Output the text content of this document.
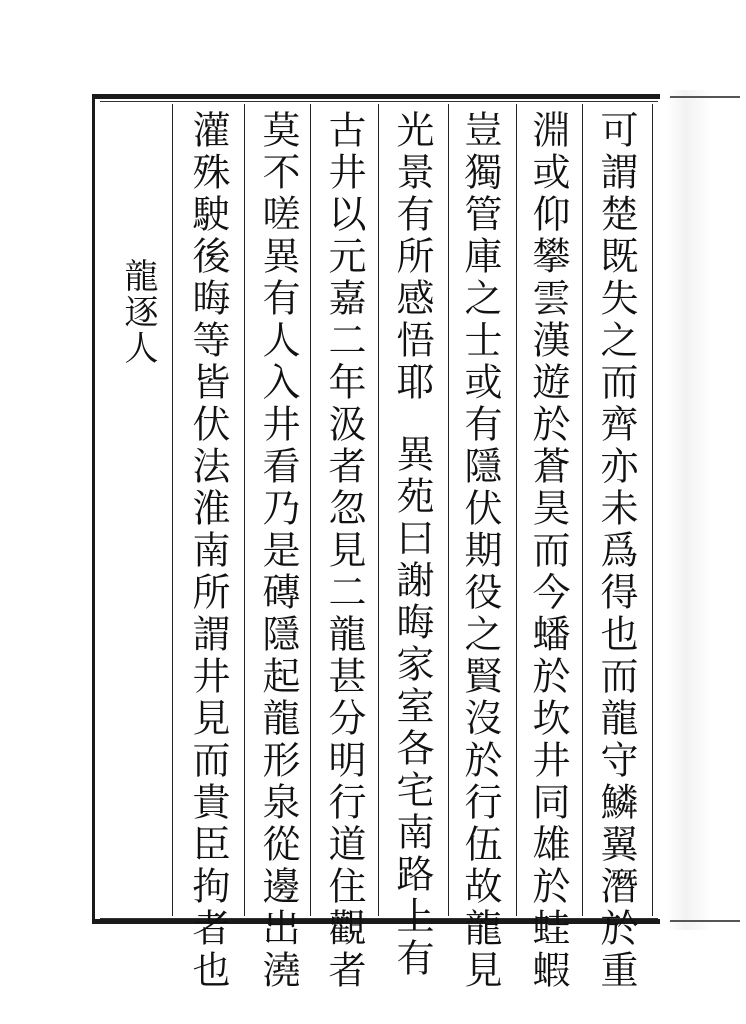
龍逐人	可謂楚既失之而齊亦未爲得也而龍守鱗翼潛於重
淵或仰攀雲漢遊於蒼昊而今蟠於坎井同雄於蛙蝦
豈獨管庫之士或有隱伏期役之賢沒於行伍故龍見
光景有所感悟耶異苑曰謝晦家室各宅南路上有
古井以元嘉二年汲者忽見二龍甚分明行道住觀者
莫不嗟異有人入井看乃是磚隱起龍形泉從邊出澆
灌殊駛後晦等皆伏法淮南所謂井見而貴臣拘者也
